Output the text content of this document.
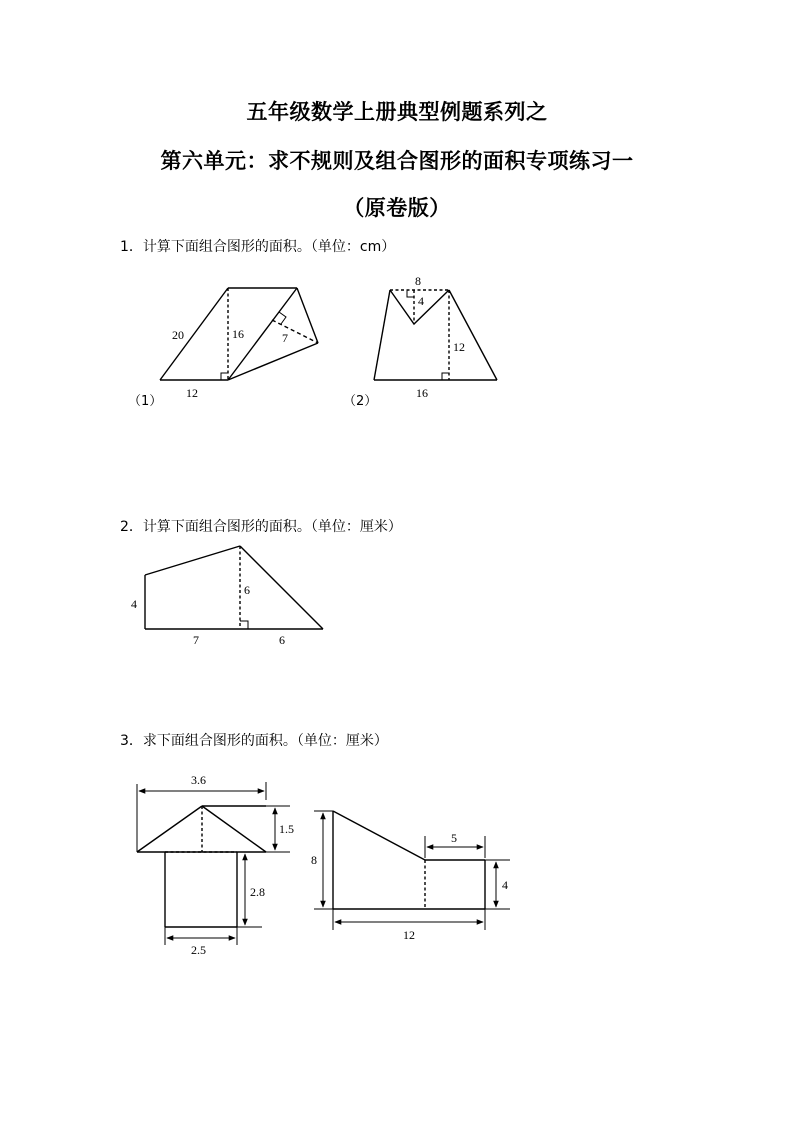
五年级数学上册典型例题系列之
第六单元：求不规则及组合图形的面积专项练习一
（原卷版）
1．计算下面组合图形的面积。（单位：cm）
2．计算下面组合图形的面积。（单位：厘米）
3．求下面组合图形的面积。（单位：厘米）
20	16	7
12
（1）
8
4
12
16
（2）
4
6
7	6
3.6
1.5
2.8
2.5
5
8
4
12
